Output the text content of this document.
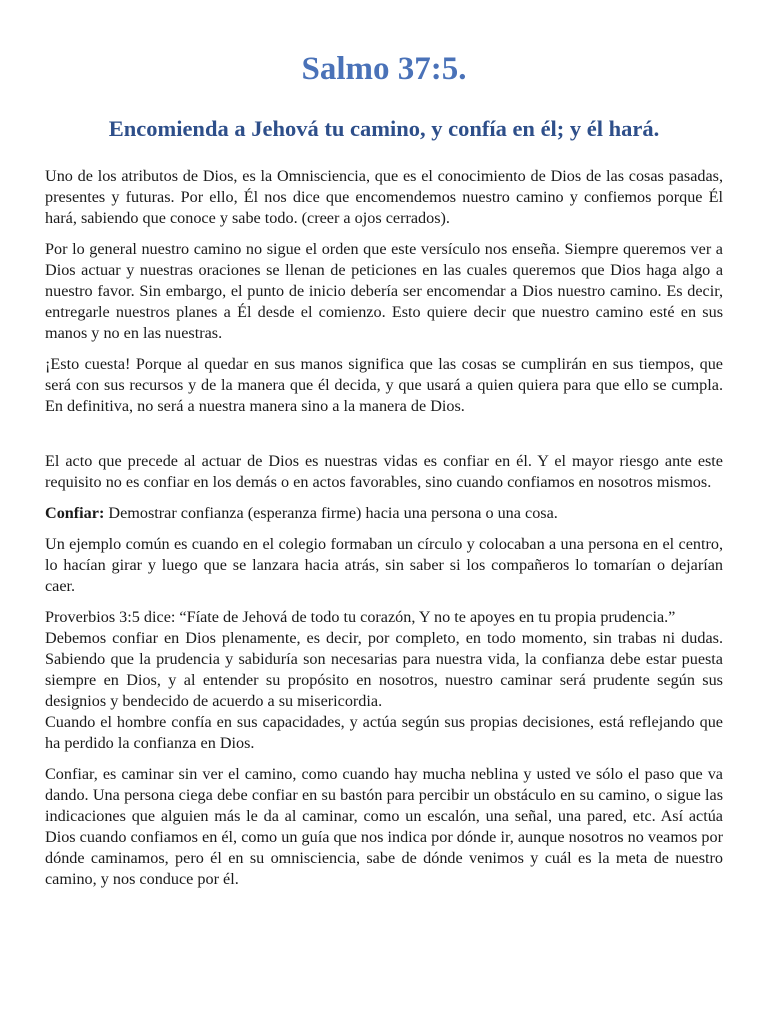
Salmo 37:5.
Encomienda a Jehová tu camino, y confía en él; y él hará.

Uno de los atributos de Dios, es la Omnisciencia, que es el conocimiento de Dios de las cosas pasadas, presentes y futuras. Por ello, Él nos dice que encomendemos nuestro camino y confiemos porque Él hará, sabiendo que conoce y sabe todo. (creer a ojos cerrados).

Por lo general nuestro camino no sigue el orden que este versículo nos enseña. Siempre queremos ver a Dios actuar y nuestras oraciones se llenan de peticiones en las cuales queremos que Dios haga algo a nuestro favor. Sin embargo, el punto de inicio debería ser encomendar a Dios nuestro camino. Es decir, entregarle nuestros planes a Él desde el comienzo. Esto quiere decir que nuestro camino esté en sus manos y no en las nuestras.

¡Esto cuesta! Porque al quedar en sus manos significa que las cosas se cumplirán en sus tiempos, que será con sus recursos y de la manera que él decida, y que usará a quien quiera para que ello se cumpla. En definitiva, no será a nuestra manera sino a la manera de Dios.

El acto que precede al actuar de Dios es nuestras vidas es confiar en él. Y el mayor riesgo ante este requisito no es confiar en los demás o en actos favorables, sino cuando confiamos en nosotros mismos.

Confiar: Demostrar confianza (esperanza firme) hacia una persona o una cosa.

Un ejemplo común es cuando en el colegio formaban un círculo y colocaban a una persona en el centro, lo hacían girar y luego que se lanzara hacia atrás, sin saber si los compañeros lo tomarían o dejarían caer.

Proverbios 3:5 dice: “Fíate de Jehová de todo tu corazón, Y no te apoyes en tu propia prudencia.”

Debemos confiar en Dios plenamente, es decir, por completo, en todo momento, sin trabas ni dudas. Sabiendo que la prudencia y sabiduría son necesarias para nuestra vida, la confianza debe estar puesta siempre en Dios, y al entender su propósito en nosotros, nuestro caminar será prudente según sus designios y bendecido de acuerdo a su misericordia.

Cuando el hombre confía en sus capacidades, y actúa según sus propias decisiones, está reflejando que ha perdido la confianza en Dios.

Confiar, es caminar sin ver el camino, como cuando hay mucha neblina y usted ve sólo el paso que va dando. Una persona ciega debe confiar en su bastón para percibir un obstáculo en su camino, o sigue las indicaciones que alguien más le da al caminar, como un escalón, una señal, una pared, etc. Así actúa Dios cuando confiamos en él, como un guía que nos indica por dónde ir, aunque nosotros no veamos por dónde caminamos, pero él en su omnisciencia, sabe de dónde venimos y cuál es la meta de nuestro camino, y nos conduce por él.
